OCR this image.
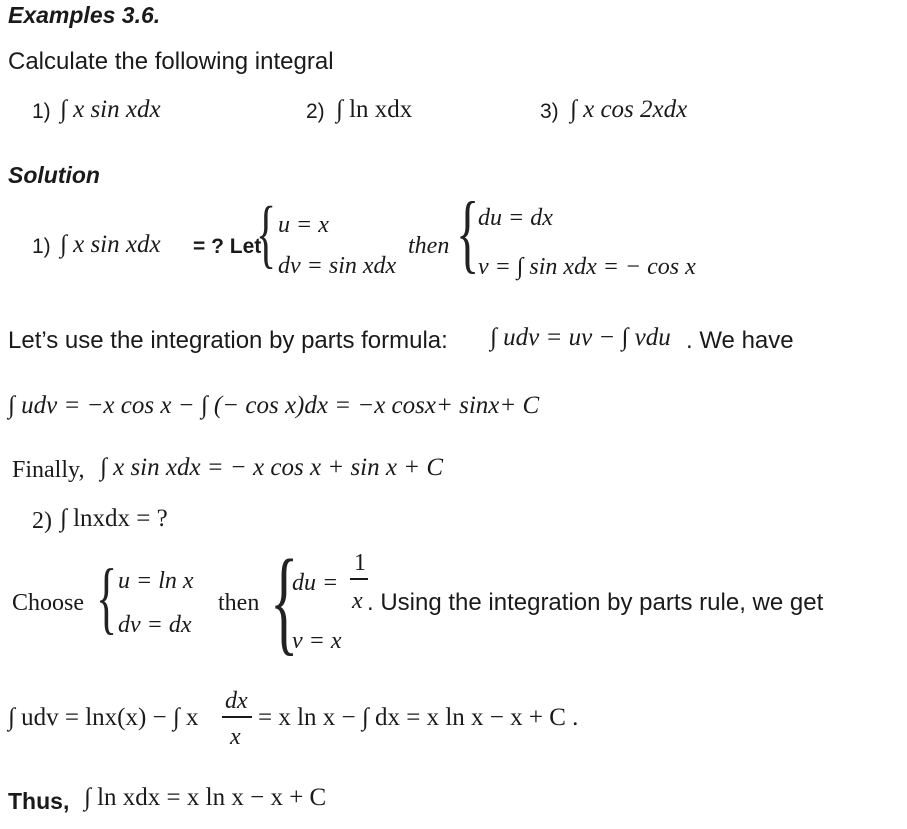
Examples 3.6.
Calculate the following integral
1) ∫ x sin xdx	2) ∫ ln xdx	3) ∫ x cos 2xdx
Solution
1) ∫ x sin xdx = ? Let
{ u = x
dv = sin xdx
then {
du = dx
v = ∫ sin xdx = − cos x
Let’s use the integration by parts formula: ∫ udv = uv − ∫ vdu . We have
∫ udv = −x cos x − ∫ (− cos x)dx = −x cosx+ sinx+ C
Finally, ∫ x sin xdx = − x cos x + sin x + C
2) ∫ lnxdx = ?
Choose { u = ln x
dv = dx
then {
du =
1
x . Using the integration by parts rule, we get
v = x
∫ udv = lnx(x) − ∫ x
dx
x
= x ln x − ∫ dx = x ln x − x + C .
Thus, ∫ ln xdx = x ln x − x + C
